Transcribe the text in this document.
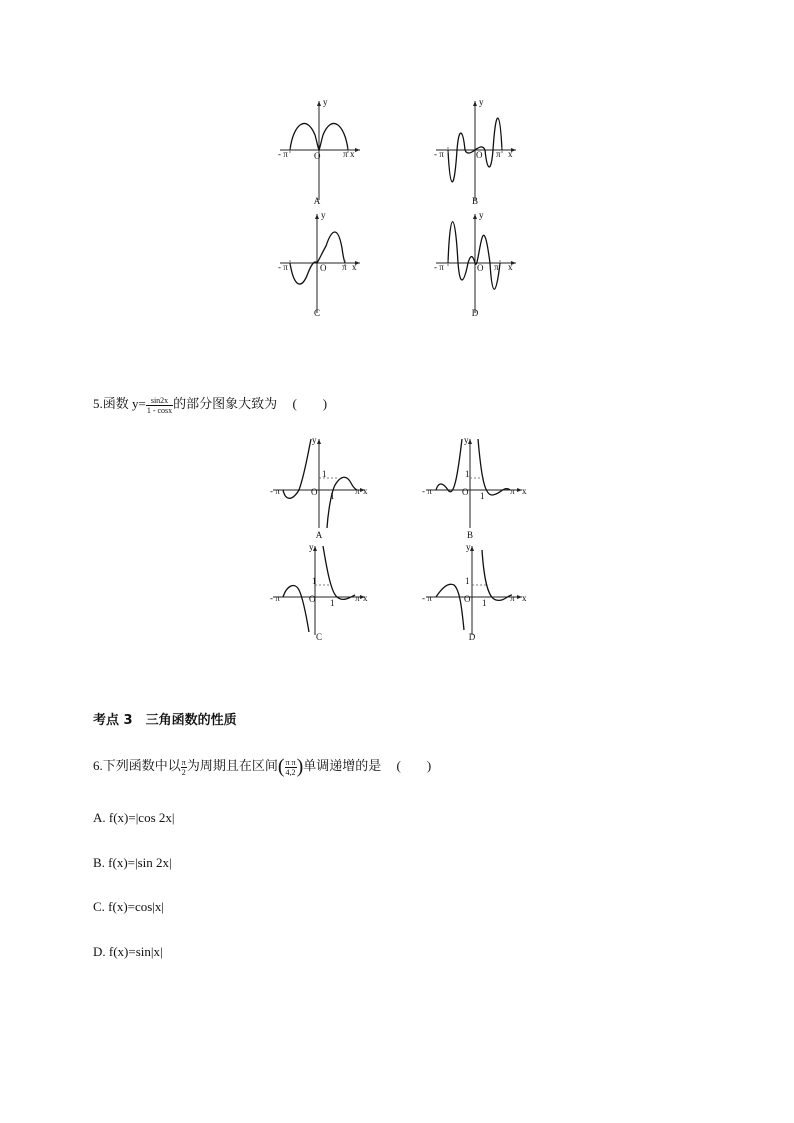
y
x
O
- π	π
A
y
x
O
- π	π
B
y
x
O
- π	π
C
y
x
O
- π	π
D
5.函数 $y= \frac{\sin 2x}{1 - \cos x}$ 的部分图象大致为 (　　)
y
x
O
- π	π
1
1
A
y
x
O
- π	π
1
1
B
y
x
O
- π	π
1
1
C
y
x
O
- π	π
1
1
D
考点 3　三角函数的性质
6.下列函数中以 $\frac{\pi}{2}$ 为周期且在区间( $\frac{\text{π π}}{4,2}$ )单调递增的是 (　　)
A. f(x)=|cos 2x|
B. f(x)=|sin 2x|
C. f(x)=cos|x|
D. f(x)=sin|x|
